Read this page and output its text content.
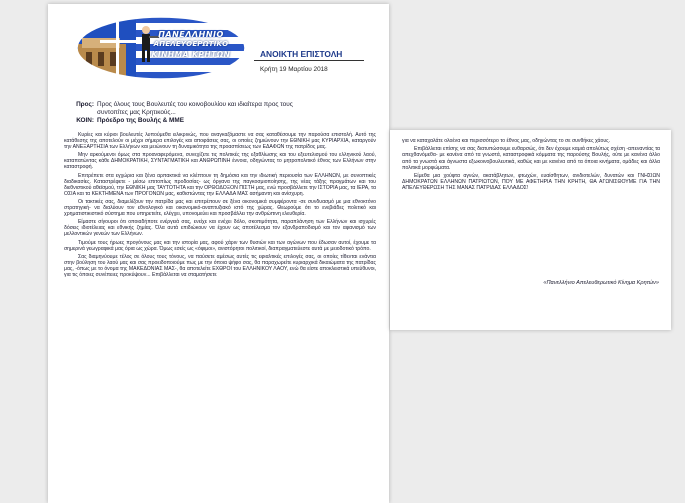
ΠΑΝΕΛΛΗΝΙΟ
ΑΠΕΛΕΥΘΕΡΩΤΙΚΟ
ΚΙΝΗΜΑ ΚΡΗΤΩΝ	ΑΝΟΙΚΤΗ ΕΠΙΣΤΟΛΗ
Κρήτη 19 Μαρτίου 2018
Προς: Προς όλους τους Βουλευτές του κοινοβουλίου και ιδιαίτερα προς τους
συντοπίτες μας Κρητικούς...
ΚΟΙΝ: Πρόεδρο της Βουλής & ΜΜΕ

Κυρίες και κύριοι βουλευτές λυπούμεθα ειλικρινώς, που αναγκαζόμαστε να σας καταθέσουμε την παρούσα επιστολή. Αυτό της κατάθεσης της αποτελούν οι μέχρι σήμερα επιλογές και αποφάσεις σας, οι οποίες ζημιώνουν την ΕΘΝΙΚΗ μας ΚΥΡΙΑΡΧΙΑ, καταργούν την ΑΝΕΞΑΡΤΗΣΙΑ των Ελλήνων και μειώνουν τη δυναμικότητα της προασπίσεως των ΕΔΑΦΩΝ της πατρίδος μας.

Μην αρκούμενοι όμως στα προαναφερόμενα, συνεχίζετε τις πολιτικές της εξαθλίωσης και του εξευτελισμού του ελληνικού λαού, καταπατώντας κάθε ΔΗΜΟΚΡΑΤΙΚΗ, ΣΥΝΤΑΓΜΑΤΙΚΗ και ΑΝΘΡΩΠΙΝΗ έννοια, οδηγώντας το μητροπολιτικό έθνος των Ελλήνων στην καταστροφή.

Επιτρέπετε στα εγχώρια και ξένα αρπακτικά να κλέπτουν τη δημόσια και την ιδιωτική περιουσία των ΕΛΛΗΝΩΝ, με συνοπτικές διαδικασίες. Καταστρέφετε - μέσω επιτοπίως προδοσίας- ως όργανα της παγκοσμιοποίησης, της νέας τάξης πραγμάτων και του διεθνιστικού αθεϊσμού, την ΕΘΝΙΚΗ μας ΤΑΥΤΟΤΗΤΑ και την ΟΡΘΟΔΟΞΟΝ ΠΙΣΤΗ μας, ενώ προσβάλλετε την ΙΣΤΟΡΙΑ μας, τα ΙΕΡΑ, τα ΟΣΙΑ και τα ΚΕΚΤΗΜΕΝΑ των ΠΡΟΓΟΝΩΝ μας, καθιστώντας την ΕΛΛΑΔΑ ΜΑΣ ασήμαντη και ανίσχυρη.

Οι τακτικές σας, διαμελίζουν την πατρίδα μας και επιτρέπουν σε ξένα οικονομικά συμφέροντα -σε συνδυασμό με μια εθνοκτόνο στρατηγική- να διαλύουν τον εθνολογικό και οικονομικό-αναπτυξιακό ιστό της χώρας. Θεωρούμε ότι το ενεβιάδες πολιτικό και χρηματιστικιστικό σύστημα που υπηρετείτε, ελέγχει, υπονομεύει και προσβάλλει την ανθρώπινη ελευθερία.

Είμαστε σίγουροι ότι οποιαδήποτε ενέργειά σας, ενείχε και ενέχει δόλο, σκοπιμότητα, παραπλάνηση των Ελλήνων και ισχυρές δόσεις ιδιοτέλειας και εθνικής ζημίας. Όλα αυτά επιδιώκουν να έχουν ως αποτέλεσμα τον εξανδραποδισμό και τον αφανισμό των μελλοντικών γενεών των Ελλήνων.

Τιμούμε τους ήρωες προγόνους μας και την ιστορία μας, αφού χάριν των θυσιών και των αγώνων που έδωσαν αυτοί, έχουμε τα σημερινά γεωγραφικά μας όρια ως χώρα. Όμως εσείς ως «όφιμοι», ανιστόρητοι πολιτικοί, διαπραγματεύεστε αυτά με μειοδοτικό τρόπο.

Σας διαμηνύουμε τέλος σε όλους τους τόνους, να παύσετε αμέσως αυτές τις εφιαλτικές επιλογές σας, οι οποίες τίθενται ενάντια στην βούληση του λαού μας και σας προειδοποιούμε πως με την όποια ψήφο σας, θα παραχωρείτε κυριαρχικά δικαιώματα της πατρίδας μας, -όπως με το όνομα της ΜΑΚΕΔΟΝΙΑΣ ΜΑΣ-, θα αποτελείτε ΕΧΘΡΟΙ του ΕΛΛΗΝΙΚΟΥ ΛΑΟΥ, ενώ θα είστε αποκλειστικά υπεύθυνοι, για τις όποιες συνέπειες προκύψουν... Επιβάλλεται να σταματήσετε

για να καταχαλάτε ολοένα και περισσότερο το έθνος μας, οδηγώντας το σε συνθήκες χάους.

Επιβάλλεται επίσης να σας διατυπώσουμε ευθαρσώς, ότι δεν έχουμε καμιά απολύτως σχέση -απεναντίας τα απεχθανόμεθα- με κανένα από τα γνωστά, καταστροφικά κόμματα της παρούσης Βουλής, ούτε με κανένα άλλο από τα γνωστά και άγνωστα εξωκοινοβουλευτικά, καθώς και με κανένα από τα όποια κινήματα, ομάδες και άλλα πολιτικά μορφώματα.

Είμεθα μια χούφτα αγνών, ακατάβλητων, φτωχών, ευαίσθητων, ανιδιοτελών, δυνατών και ΓΝΗΣΙΩΝ ΔΗΜΟΚΡΑΤΩΝ ΕΛΛΗΝΩΝ ΠΑΤΡΙΩΤΩΝ, ΠΟΥ ΜΕ ΑΦΕΤΗΡΙΑ ΤΗΝ ΚΡΗΤΗ, ΘΑ ΑΓΩΝΙΣΘΟΥΜΕ ΓΙΑ ΤΗΝ ΑΠΕΛΕΥΘΕΡΩΣΗ ΤΗΣ ΜΑΝΑΣ ΠΑΤΡΙΔΑΣ ΕΛΛΑΔΟΣ!

«Πανελλήνιο Απελευθερωτικό Κίνημα Κρητών»
